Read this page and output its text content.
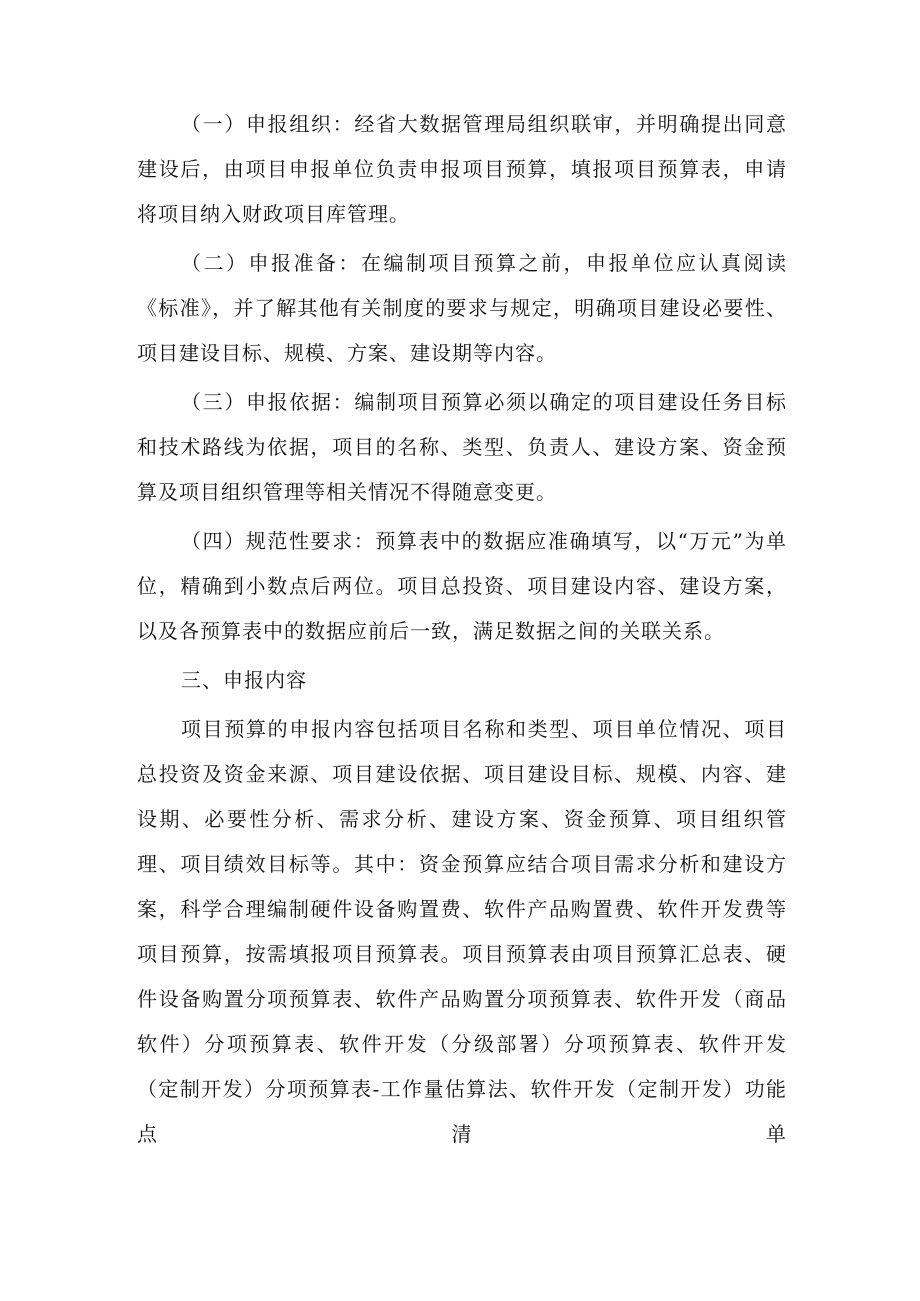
（一）申报组织：经省大数据管理局组织联审，并明确提出同意建设后，由项目申报单位负责申报项目预算，填报项目预算表，申请将项目纳入财政项目库管理。

（二）申报准备：在编制项目预算之前，申报单位应认真阅读《标准》，并了解其他有关制度的要求与规定，明确项目建设必要性、项目建设目标、规模、方案、建设期等内容。

（三）申报依据：编制项目预算必须以确定的项目建设任务目标和技术路线为依据，项目的名称、类型、负责人、建设方案、资金预算及项目组织管理等相关情况不得随意变更。

（四）规范性要求：预算表中的数据应准确填写，以“万元”为单位，精确到小数点后两位。项目总投资、项目建设内容、建设方案，以及各预算表中的数据应前后一致，满足数据之间的关联关系。

三、申报内容

项目预算的申报内容包括项目名称和类型、项目单位情况、项目总投资及资金来源、项目建设依据、项目建设目标、规模、内容、建设期、必要性分析、需求分析、建设方案、资金预算、项目组织管理、项目绩效目标等。其中：资金预算应结合项目需求分析和建设方案，科学合理编制硬件设备购置费、软件产品购置费、软件开发费等项目预算，按需填报项目预算表。项目预算表由项目预算汇总表、硬件设备购置分项预算表、软件产品购置分项预算表、软件开发（商品软件）分项预算表、软件开发（分级部署）分项预算表、软件开发（定制开发）分项预算表-工作量估算法、软件开发（定制开发）功能点清单
